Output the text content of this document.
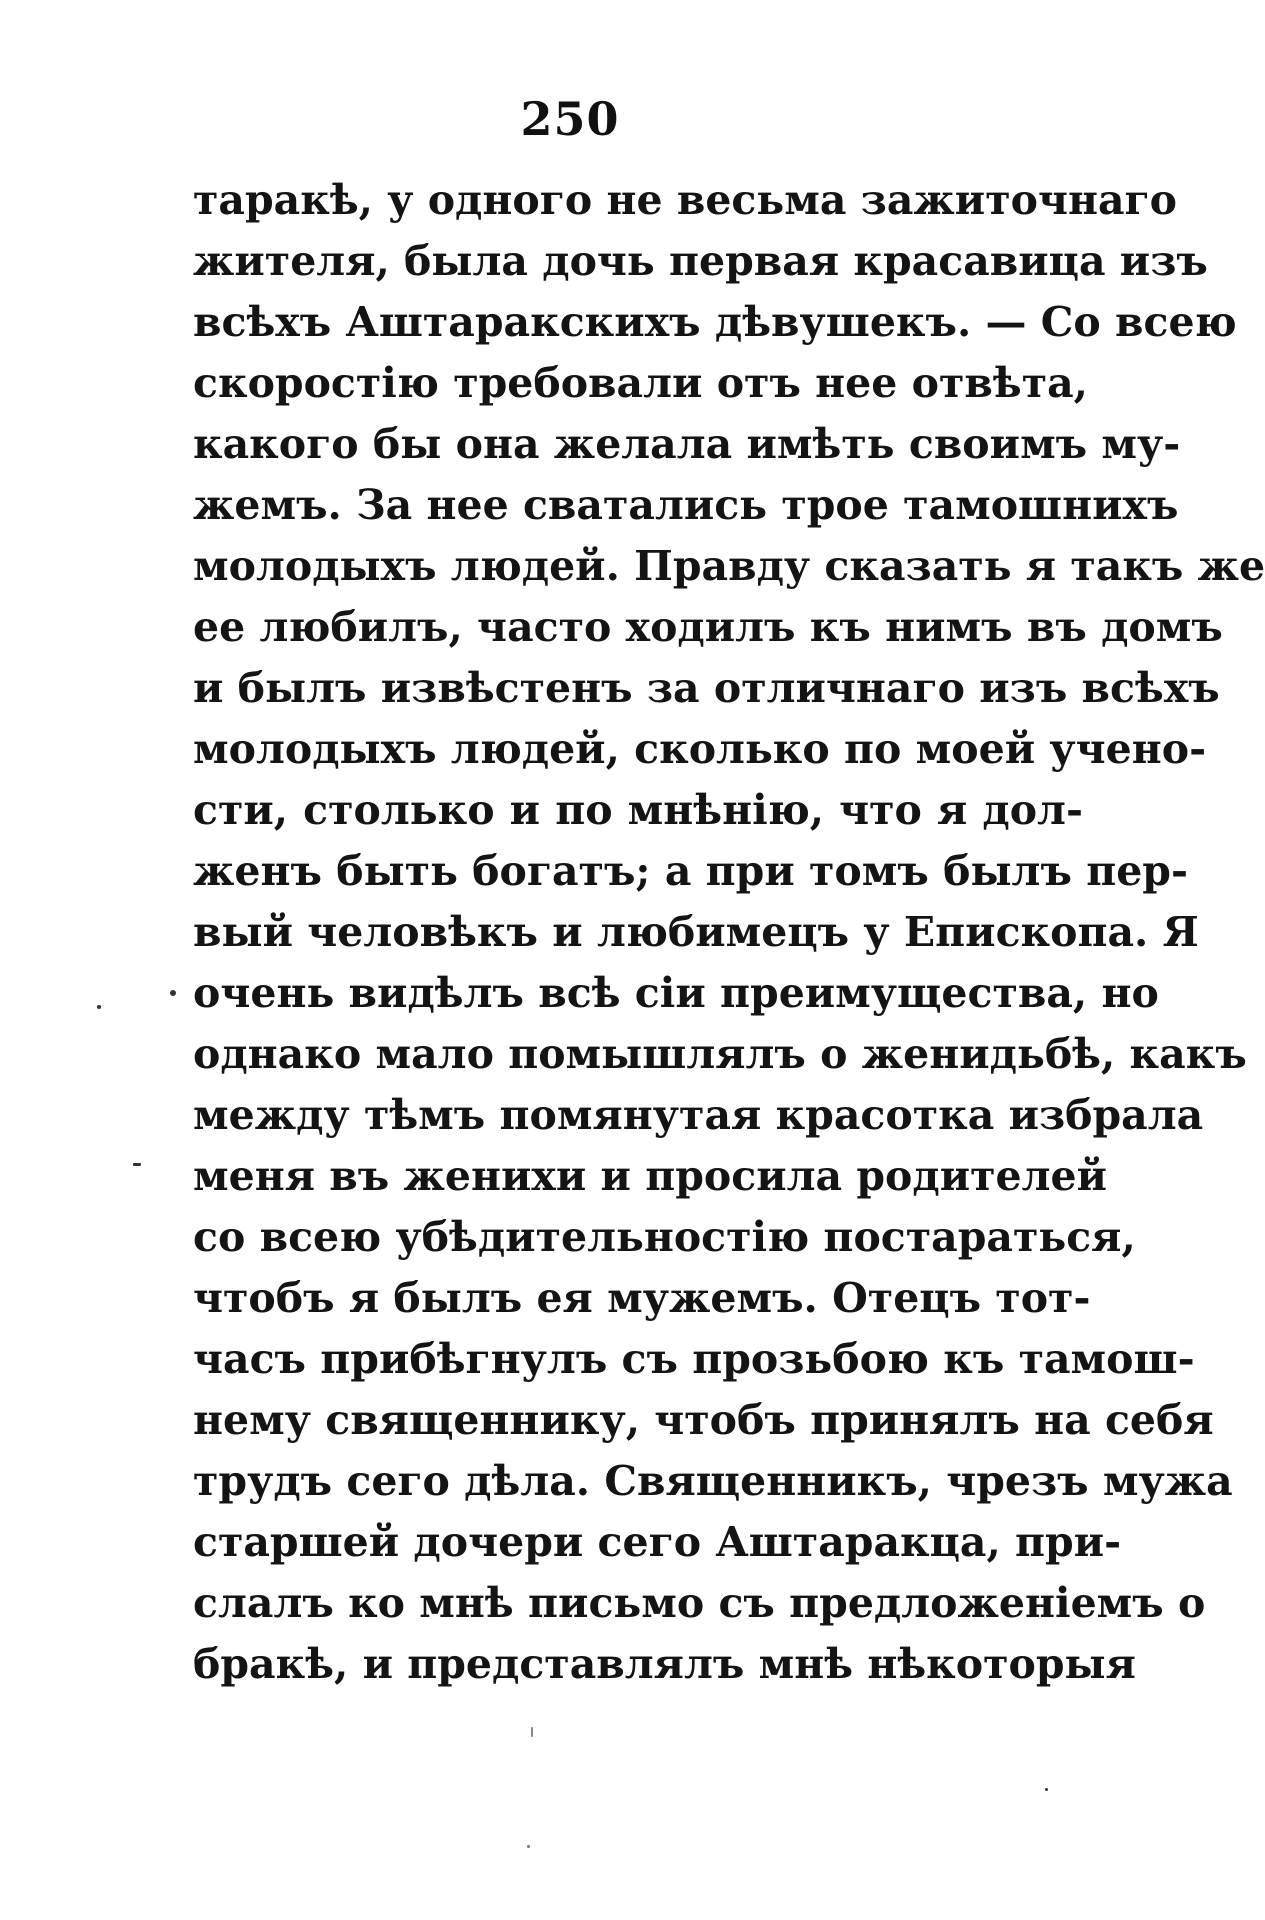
250
таракѣ, у одного не весьма зажиточнаго
жителя, была дочь первая красавица изъ
всѣхъ Аштаракскихъ дѣвушекъ. — Со всею
скоростію требовали отъ нее отвѣта,
какого бы она желала имѣть своимъ му-
жемъ. За нее сватались трое тамошнихъ
молодыхъ людей. Правду сказать я такъ же
ее любилъ, часто ходилъ къ нимъ въ домъ
и былъ извѣстенъ за отличнаго изъ всѣхъ
молодыхъ людей, сколько по моей учено-
сти, столько и по мнѣнію, что я дол-
женъ быть богатъ; а при томъ былъ пер-
вый человѣкъ и любимецъ у Епископа. Я
очень видѣлъ всѣ сіи преимущества, но
однако мало помышлялъ о женидьбѣ, какъ
между тѣмъ помянутая красотка избрала
меня въ женихи и просила родителей
со всею убѣдительностію постараться,
чтобъ я былъ ея мужемъ. Отецъ тот-
часъ прибѣгнулъ съ прозьбою къ тамош-
нему священнику, чтобъ принялъ на себя
трудъ сего дѣла. Священникъ, чрезъ мужа
старшей дочери сего Аштаракца, при-
слалъ ко мнѣ письмо съ предложеніемъ о
бракѣ, и представлялъ мнѣ нѣкоторыя
